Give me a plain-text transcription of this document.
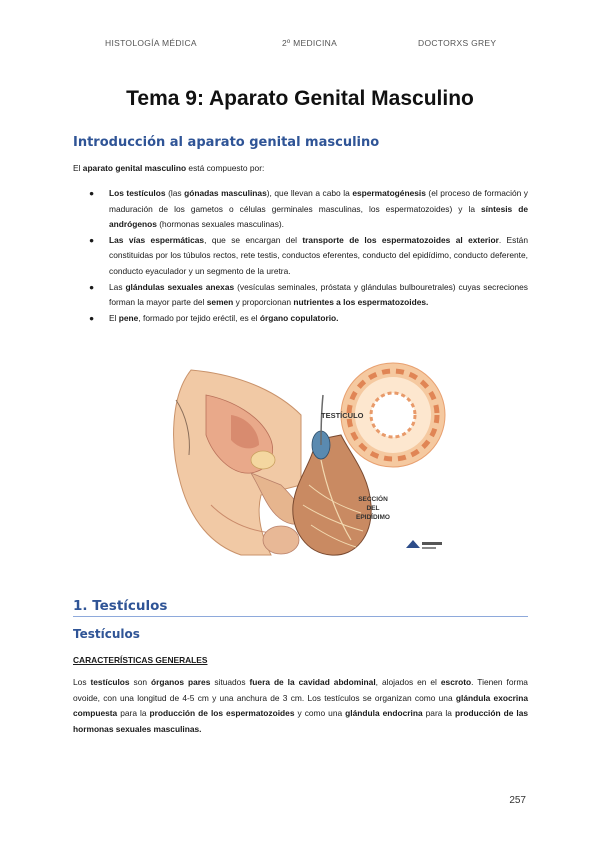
HISTOLOGÍA MÉDICA	2º MEDICINA	DOCTORXS GREY
Tema 9: Aparato Genital Masculino
Introducción al aparato genital masculino
El aparato genital masculino está compuesto por:
● Los testículos (las gónadas masculinas), que llevan a cabo la espermatogénesis (el proceso de formación y maduración de los gametos o células germinales masculinas, los espermatozoides) y la síntesis de andrógenos (hormonas sexuales masculinas).
● Las vías espermáticas, que se encargan del transporte de los espermatozoides al exterior. Están constituidas por los túbulos rectos, rete testis, conductos eferentes, conducto del epidídimo, conducto deferente, conducto eyaculador y un segmento de la uretra.
● Las glándulas sexuales anexas (vesículas seminales, próstata y glándulas bulbouretrales) cuyas secreciones forman la mayor parte del semen y proporcionan nutrientes a los espermatozoides.
● El pene, formado por tejido eréctil, es el órgano copulatorio.
TESTÍCULO
SECCIÓN
DEL
EPIDÍDIMO
1. Testículos
Testículos
CARACTERÍSTICAS GENERALES
Los testículos son órganos pares situados fuera de la cavidad abdominal, alojados en el escroto. Tienen forma ovoide, con una longitud de 4-5 cm y una anchura de 3 cm. Los testículos se organizan como una glándula exocrina compuesta para la producción de los espermatozoides y como una glándula endocrina para la producción de las hormonas sexuales masculinas.
257
